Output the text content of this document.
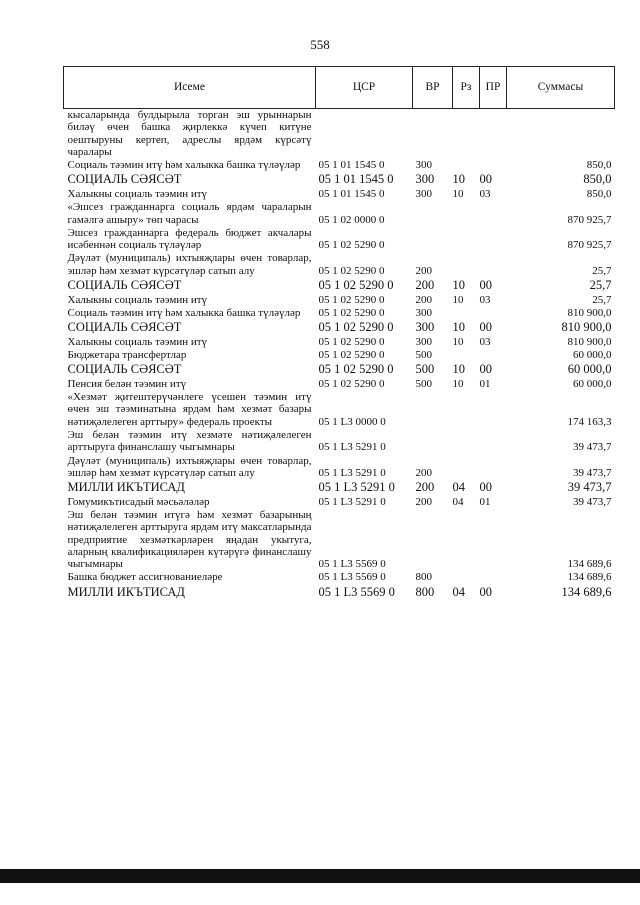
558
Исеме	ЦСР	ВР	Рз	ПР	Суммасы
кысаларында булдырыла торган эш урыннарын биләү өчен башка җирлеккә күчеп китүне оештыруны кертеп, адреслы ярдәм күрсәтү чаралары					
Социаль тәэмин итү һәм халыкка башка түләүләр	05 1 01 1545 0	300			850,0
СОЦИАЛЬ СӘЯСӘТ	05 1 01 1545 0	300	10	00	850,0
Халыкны социаль тәэмин итү	05 1 01 1545 0	300	10	03	850,0
«Эшсез гражданнарга социаль ярдәм чараларын гамәлгә ашыру» төп чарасы	05 1 02 0000 0				870 925,7
Эшсез гражданнарга федераль бюджет акчалары исәбеннән социаль түләүләр	05 1 02 5290 0				870 925,7
Дәүләт (муниципаль) ихтыяҗлары өчен товарлар, эшләр һәм хезмәт күрсәтүләр сатып алу	05 1 02 5290 0	200			25,7
СОЦИАЛЬ СӘЯСӘТ	05 1 02 5290 0	200	10	00	25,7
Халыкны социаль тәэмин итү	05 1 02 5290 0	200	10	03	25,7
Социаль тәэмин итү һәм халыкка башка түләүләр	05 1 02 5290 0	300			810 900,0
СОЦИАЛЬ СӘЯСӘТ	05 1 02 5290 0	300	10	00	810 900,0
Халыкны социаль тәэмин итү	05 1 02 5290 0	300	10	03	810 900,0
Бюджетара трансфертлар	05 1 02 5290 0	500			60 000,0
СОЦИАЛЬ СӘЯСӘТ	05 1 02 5290 0	500	10	00	60 000,0
Пенсия белән тәэмин итү	05 1 02 5290 0	500	10	01	60 000,0
«Хезмәт җитештерүчәнлеге үсешен тәэмин итү өчен эш тәэминатына ярдәм һәм хезмәт базары нәтиҗәлелеген арттыру» федераль проекты	05 1 L3 0000 0				174 163,3
Эш белән тәэмин итү хезмәте нәтиҗәлелеген арттыруга финанслашу чыгымнары	05 1 L3 5291 0				39 473,7
Дәүләт (муниципаль) ихтыяҗлары өчен товарлар, эшләр һәм хезмәт күрсәтүләр сатып алу	05 1 L3 5291 0	200			39 473,7
МИЛЛИ ИКЪТИСАД	05 1 L3 5291 0	200	04	00	39 473,7
Гомумикътисадый мәсьәләләр	05 1 L3 5291 0	200	04	01	39 473,7
Эш белән тәэмин итүгә һәм хезмәт базарының нәтиҗәлелеген арттыруга ярдәм итү максатларында предприятие хезмәткәрләрен яңадан укытуга, аларның квалификацияләрен күтәрүгә финанслашу чыгымнары	05 1 L3 5569 0				134 689,6
Башка бюджет ассигнованиеләре	05 1 L3 5569 0	800			134 689,6
МИЛЛИ ИКЪТИСАД	05 1 L3 5569 0	800	04	00	134 689,6
